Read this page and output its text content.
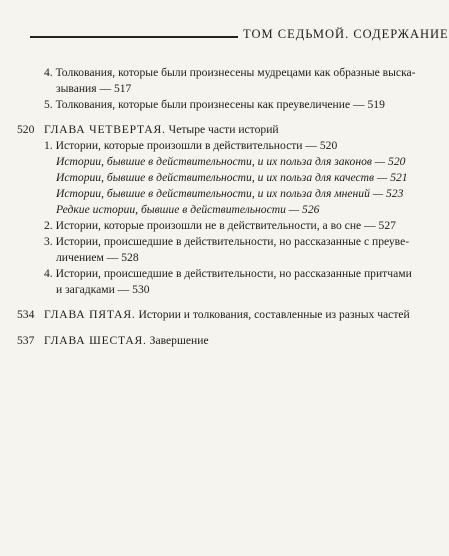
ТОМ СЕДЬМОЙ. СОДЕРЖАНИЕ
4. Толкования, которые были произнесены мудрецами как образные выска-
зывания — 517
5. Толкования, которые были произнесены как преувеличение — 519
520 ГЛАВА ЧЕТВЕРТАЯ. Четыре части историй
1. Истории, которые произошли в действительности — 520
Истории, бывшие в действительности, и их польза для законов — 520
Истории, бывшие в действительности, и их польза для качеств — 521
Истории, бывшие в действительности, и их польза для мнений — 523
Редкие истории, бывшие в действительности — 526
2. Истории, которые произошли не в действительности, а во сне — 527
3. Истории, происшедшие в действительности, но рассказанные с преуве-
личением — 528
4. Истории, происшедшие в действительности, но рассказанные притчами
и загадками — 530
534 ГЛАВА ПЯТАЯ. Истории и толкования, составленные из разных частей
537 ГЛАВА ШЕСТАЯ. Завершение
